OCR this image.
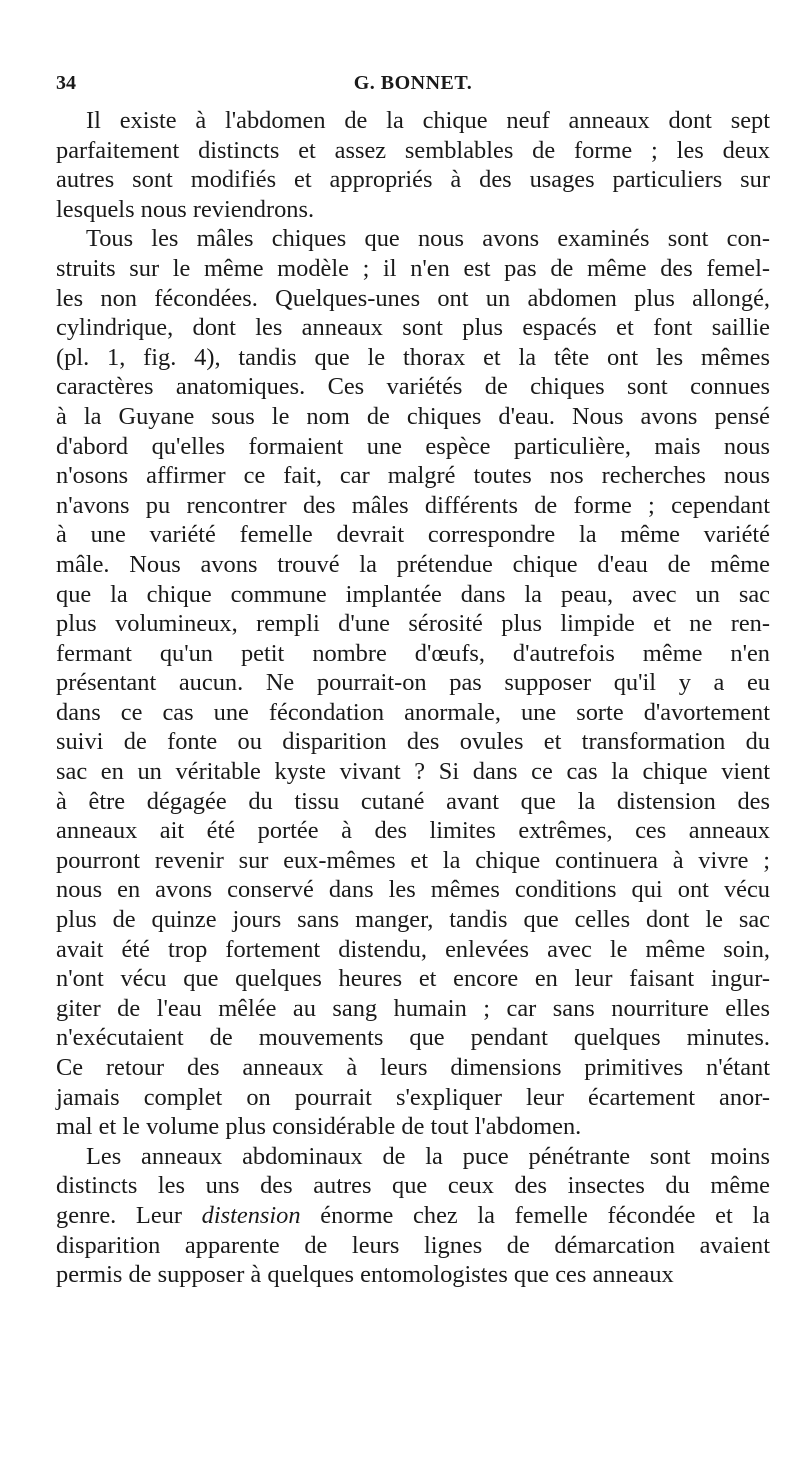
34	G. BONNET.
Il existe à l'abdomen de la chique neuf anneaux dont sept
parfaitement distincts et assez semblables de forme ; les deux
autres sont modifiés et appropriés à des usages particuliers sur
lesquels nous reviendrons.
Tous les mâles chiques que nous avons examinés sont con-
struits sur le même modèle ; il n'en est pas de même des femel-
les non fécondées. Quelques-unes ont un abdomen plus allongé,
cylindrique, dont les anneaux sont plus espacés et font saillie
(pl. 1, fig. 4), tandis que le thorax et la tête ont les mêmes
caractères anatomiques. Ces variétés de chiques sont connues
à la Guyane sous le nom de chiques d'eau. Nous avons pensé
d'abord qu'elles formaient une espèce particulière, mais nous
n'osons affirmer ce fait, car malgré toutes nos recherches nous
n'avons pu rencontrer des mâles différents de forme ; cependant
à une variété femelle devrait correspondre la même variété
mâle. Nous avons trouvé la prétendue chique d'eau de même
que la chique commune implantée dans la peau, avec un sac
plus volumineux, rempli d'une sérosité plus limpide et ne ren-
fermant qu'un petit nombre d'œufs, d'autrefois même n'en
présentant aucun. Ne pourrait-on pas supposer qu'il y a eu
dans ce cas une fécondation anormale, une sorte d'avortement
suivi de fonte ou disparition des ovules et transformation du
sac en un véritable kyste vivant ? Si dans ce cas la chique vient
à être dégagée du tissu cutané avant que la distension des
anneaux ait été portée à des limites extrêmes, ces anneaux
pourront revenir sur eux-mêmes et la chique continuera à vivre ;
nous en avons conservé dans les mêmes conditions qui ont vécu
plus de quinze jours sans manger, tandis que celles dont le sac
avait été trop fortement distendu, enlevées avec le même soin,
n'ont vécu que quelques heures et encore en leur faisant ingur-
giter de l'eau mêlée au sang humain ; car sans nourriture elles
n'exécutaient de mouvements que pendant quelques minutes.
Ce retour des anneaux à leurs dimensions primitives n'étant
jamais complet on pourrait s'expliquer leur écartement anor-
mal et le volume plus considérable de tout l'abdomen.
Les anneaux abdominaux de la puce pénétrante sont moins
distincts les uns des autres que ceux des insectes du même
genre. Leur distension énorme chez la femelle fécondée et la
disparition apparente de leurs lignes de démarcation avaient
permis de supposer à quelques entomologistes que ces anneaux
